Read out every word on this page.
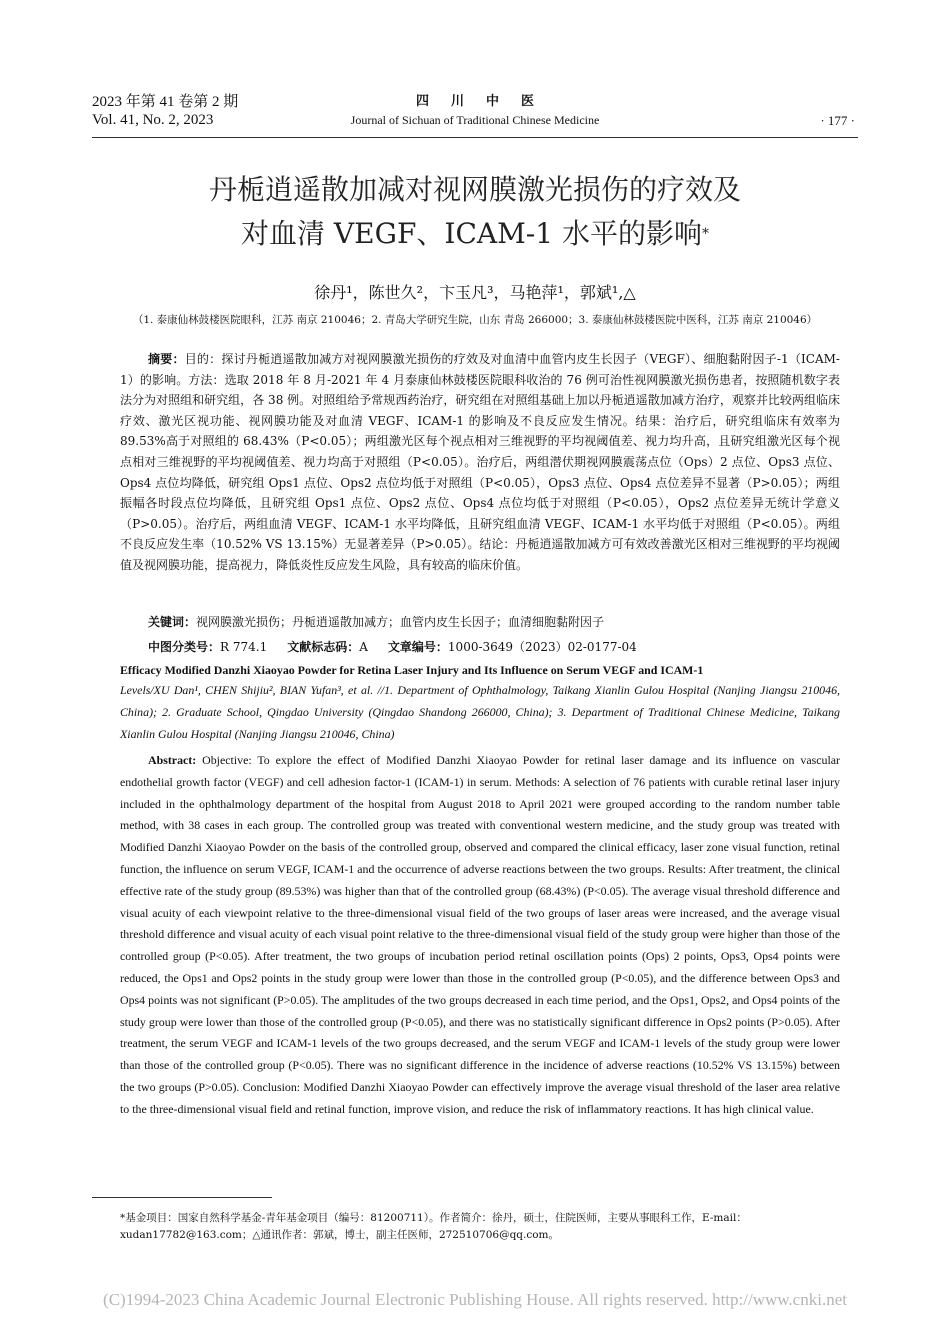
2023 年第 41 卷第 2 期
Vol. 41, No. 2, 2023
四川中医
Journal of Sichuan of Traditional Chinese Medicine	· 177 ·
丹栀逍遥散加减对视网膜激光损伤的疗效及
对血清 VEGF、ICAM-1 水平的影响*
徐丹¹，陈世久²，卞玉凡³，马艳萍¹，郭斌¹,△
（1. 泰康仙林鼓楼医院眼科，江苏 南京 210046；2. 青岛大学研究生院，山东 青岛 266000；3. 泰康仙林鼓楼医院中医科，江苏 南京 210046）
摘要：目的：探讨丹栀逍遥散加减方对视网膜激光损伤的疗效及对血清中血管内皮生长因子（VEGF）、细胞黏附因子-1（ICAM-1）的影响。方法：选取 2018 年 8 月-2021 年 4 月泰康仙林鼓楼医院眼科收治的 76 例可治性视网膜激光损伤患者，按照随机数字表法分为对照组和研究组，各 38 例。对照组给予常规西药治疗，研究组在对照组基础上加以丹栀逍遥散加减方治疗，观察并比较两组临床疗效、激光区视功能、视网膜功能及对血清 VEGF、ICAM-1 的影响及不良反应发生情况。结果：治疗后，研究组临床有效率为 89.53%高于对照组的 68.43%（P<0.05）；两组激光区每个视点相对三维视野的平均视阈值差、视力均升高，且研究组激光区每个视点相对三维视野的平均视阈值差、视力均高于对照组（P<0.05）。治疗后，两组潜伏期视网膜震荡点位（Ops）2 点位、Ops3 点位、Ops4 点位均降低，研究组 Ops1 点位、Ops2 点位均低于对照组（P<0.05），Ops3 点位、Ops4 点位差异不显著（P>0.05）；两组振幅各时段点位均降低，且研究组 Ops1 点位、Ops2 点位、Ops4 点位均低于对照组（P<0.05），Ops2 点位差异无统计学意义（P>0.05）。治疗后，两组血清 VEGF、ICAM-1 水平均降低，且研究组血清 VEGF、ICAM-1 水平均低于对照组（P<0.05）。两组不良反应发生率（10.52% VS 13.15%）无显著差异（P>0.05）。结论：丹栀逍遥散加减方可有效改善激光区相对三维视野的平均视阈值及视网膜功能，提高视力，降低炎性反应发生风险，具有较高的临床价值。
关键词：视网膜激光损伤；丹栀逍遥散加减方；血管内皮生长因子；血清细胞黏附因子
中图分类号：R 774.1 文献标志码：A 文章编号：1000-3649（2023）02-0177-04
Efficacy Modified Danzhi Xiaoyao Powder for Retina Laser Injury and Its Influence on Serum VEGF and ICAM-1
Levels/XU Dan¹, CHEN Shijiu², BIAN Yufan³, et al. //1. Department of Ophthalmology, Taikang Xianlin Gulou Hospital (Nanjing Jiangsu 210046, China); 2. Graduate School, Qingdao University (Qingdao Shandong 266000, China); 3. Department of Traditional Chinese Medicine, Taikang Xianlin Gulou Hospital (Nanjing Jiangsu 210046, China)
Abstract: Objective: To explore the effect of Modified Danzhi Xiaoyao Powder for retinal laser damage and its influence on vascular endothelial growth factor (VEGF) and cell adhesion factor-1 (ICAM-1) in serum. Methods: A selection of 76 patients with curable retinal laser injury included in the ophthalmology department of the hospital from August 2018 to April 2021 were grouped according to the random number table method, with 38 cases in each group. The controlled group was treated with conventional western medicine, and the study group was treated with Modified Danzhi Xiaoyao Powder on the basis of the controlled group, observed and compared the clinical efficacy, laser zone visual function, retinal function, the influence on serum VEGF, ICAM-1 and the occurrence of adverse reactions between the two groups. Results: After treatment, the clinical effective rate of the study group (89.53%) was higher than that of the controlled group (68.43%) (P<0.05). The average visual threshold difference and visual acuity of each viewpoint relative to the three-dimensional visual field of the two groups of laser areas were increased, and the average visual threshold difference and visual acuity of each visual point relative to the three-dimensional visual field of the study group were higher than those of the controlled group (P<0.05). After treatment, the two groups of incubation period retinal oscillation points (Ops) 2 points, Ops3, Ops4 points were reduced, the Ops1 and Ops2 points in the study group were lower than those in the controlled group (P<0.05), and the difference between Ops3 and Ops4 points was not significant (P>0.05). The amplitudes of the two groups decreased in each time period, and the Ops1, Ops2, and Ops4 points of the study group were lower than those of the controlled group (P<0.05), and there was no statistically significant difference in Ops2 points (P>0.05). After treatment, the serum VEGF and ICAM-1 levels of the two groups decreased, and the serum VEGF and ICAM-1 levels of the study group were lower than those of the controlled group (P<0.05). There was no significant difference in the incidence of adverse reactions (10.52% VS 13.15%) between the two groups (P>0.05). Conclusion: Modified Danzhi Xiaoyao Powder can effectively improve the average visual threshold of the laser area relative to the three-dimensional visual field and retinal function, improve vision, and reduce the risk of inflammatory reactions. It has high clinical value.
*基金项目：国家自然科学基金-青年基金项目（编号：81200711）。作者简介：徐丹，硕士，住院医师，主要从事眼科工作，E-mail：xudan17782@163.com；△通讯作者：郭斌，博士，副主任医师，272510706@qq.com。
(C)1994-2023 China Academic Journal Electronic Publishing House. All rights reserved. http://www.cnki.net
